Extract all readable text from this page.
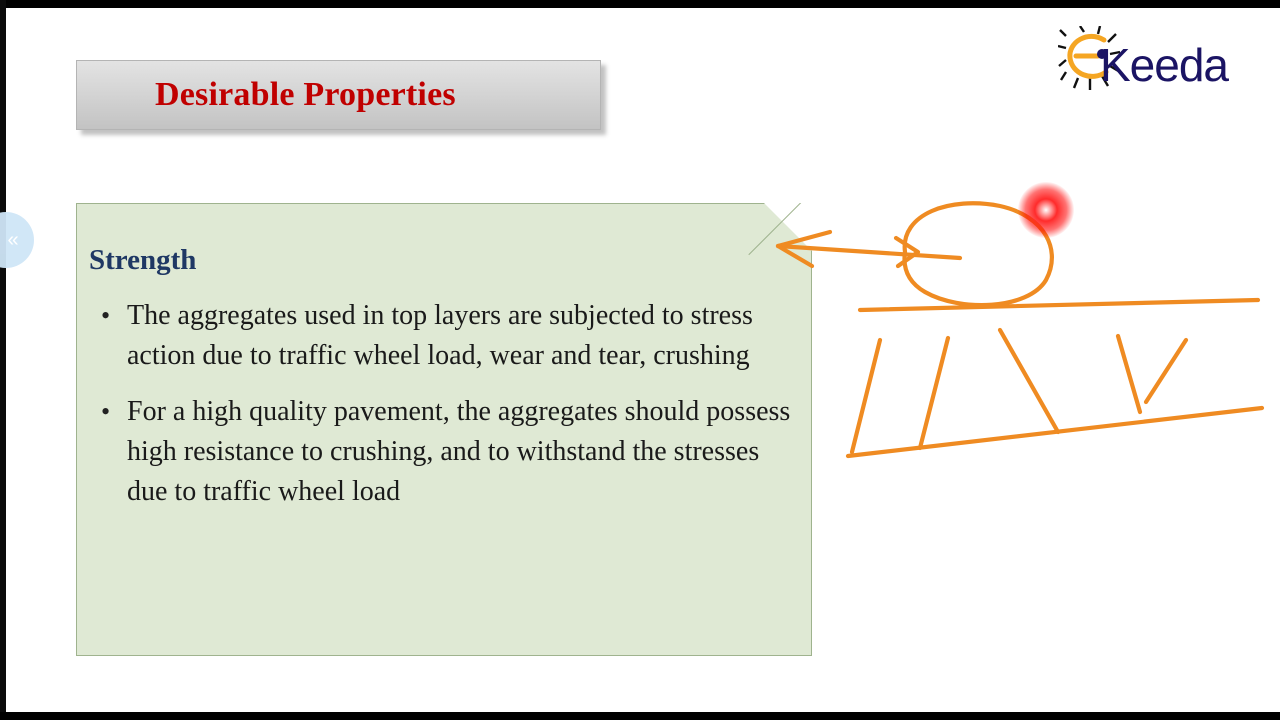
Desirable Properties
«
Strength
• The aggregates used in top layers are subjected to stress action due to traffic wheel load, wear and tear, crushing
• For a high quality pavement, the aggregates should possess high resistance to crushing, and to withstand the stresses due to traffic wheel load
Keeda
